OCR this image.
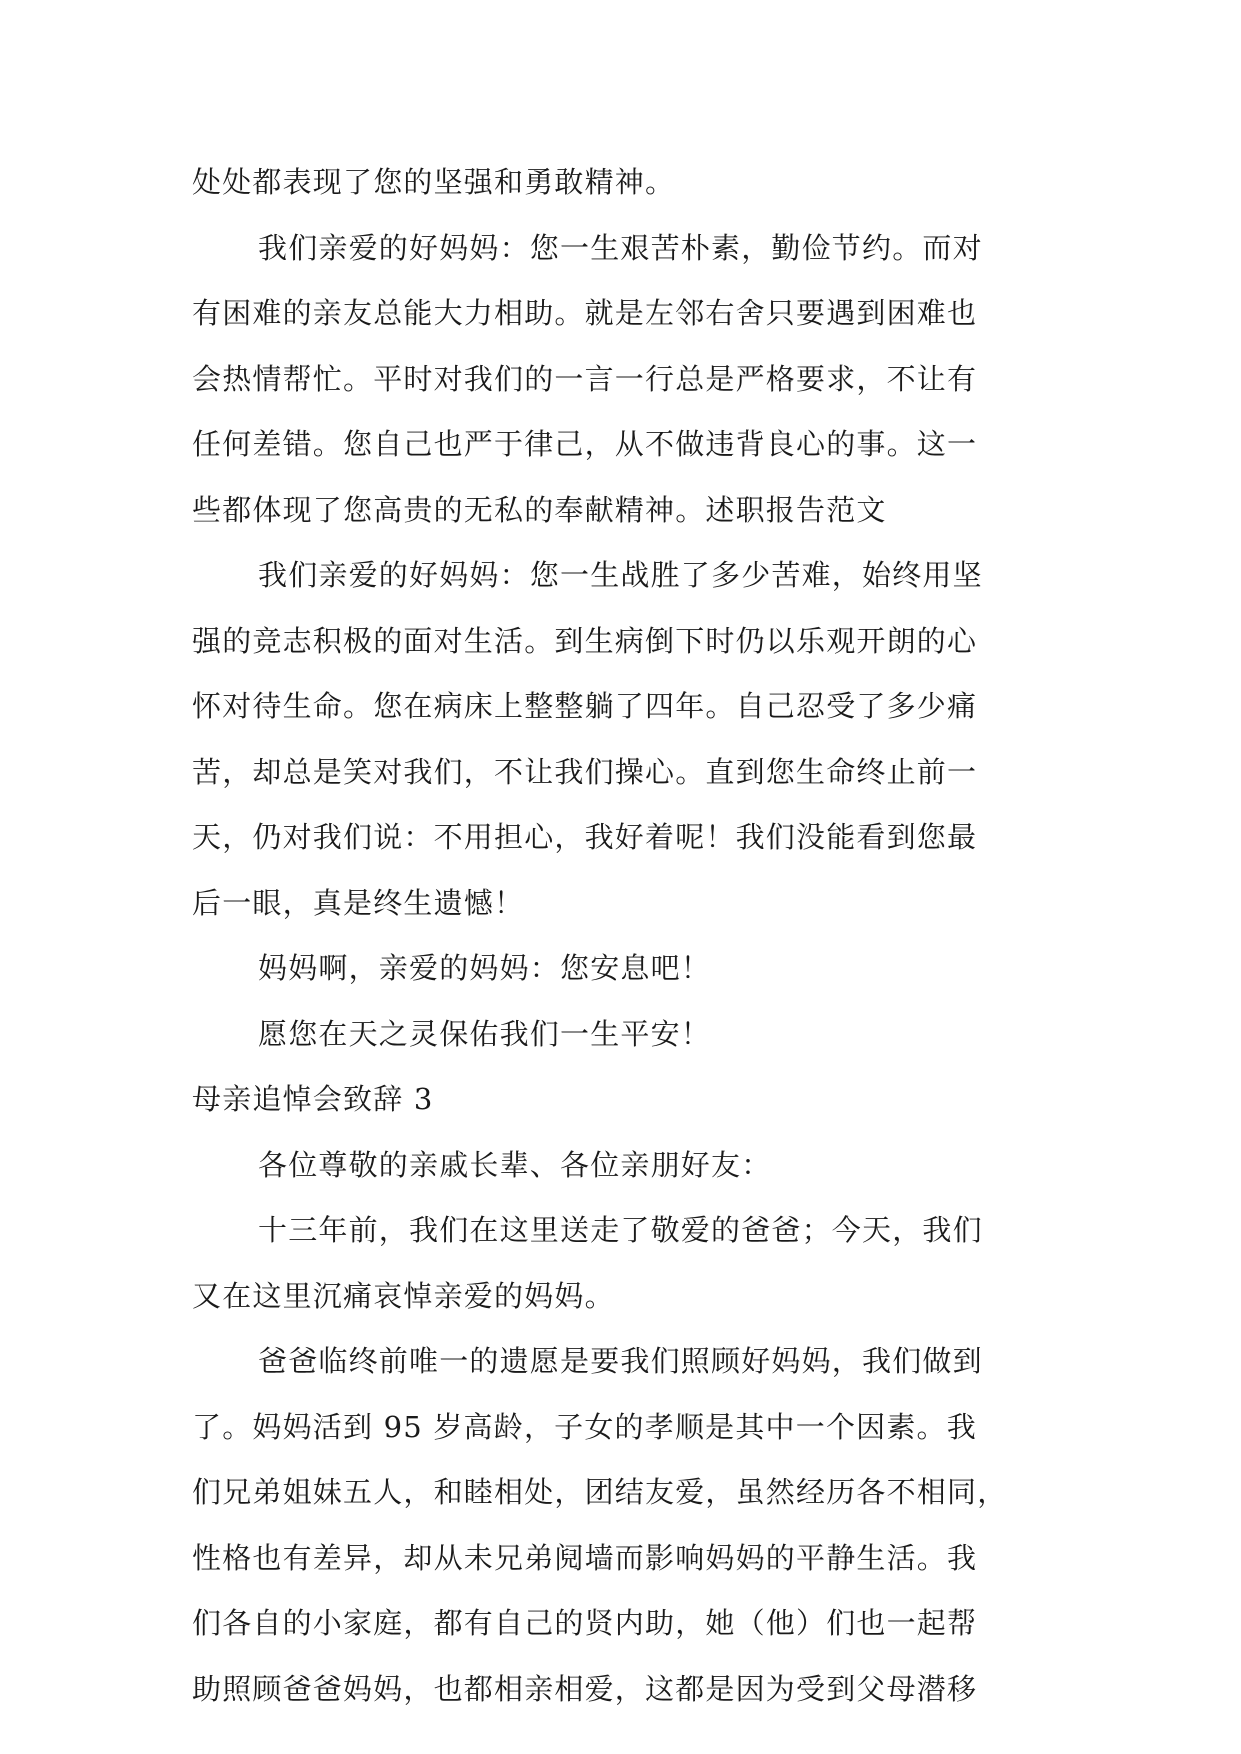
处处都表现了您的坚强和勇敢精神。
我们亲爱的好妈妈：您一生艰苦朴素，勤俭节约。而对
有困难的亲友总能大力相助。就是左邻右舍只要遇到困难也
会热情帮忙。平时对我们的一言一行总是严格要求，不让有
任何差错。您自己也严于律己，从不做违背良心的事。这一
些都体现了您高贵的无私的奉献精神。述职报告范文
我们亲爱的好妈妈：您一生战胜了多少苦难，始终用坚
强的竞志积极的面对生活。到生病倒下时仍以乐观开朗的心
怀对待生命。您在病床上整整躺了四年。自己忍受了多少痛
苦，却总是笑对我们，不让我们操心。直到您生命终止前一
天，仍对我们说：不用担心，我好着呢！我们没能看到您最
后一眼，真是终生遗憾！
妈妈啊，亲爱的妈妈：您安息吧！
愿您在天之灵保佑我们一生平安！
母亲追悼会致辞 3
各位尊敬的亲戚长辈、各位亲朋好友：
十三年前，我们在这里送走了敬爱的爸爸；今天，我们
又在这里沉痛哀悼亲爱的妈妈。
爸爸临终前唯一的遗愿是要我们照顾好妈妈，我们做到
了。妈妈活到 95 岁高龄，子女的孝顺是其中一个因素。我
们兄弟姐妹五人，和睦相处，团结友爱，虽然经历各不相同，
性格也有差异，却从未兄弟阋墙而影响妈妈的平静生活。我
们各自的小家庭，都有自己的贤内助，她（他）们也一起帮
助照顾爸爸妈妈，也都相亲相爱，这都是因为受到父母潜移
